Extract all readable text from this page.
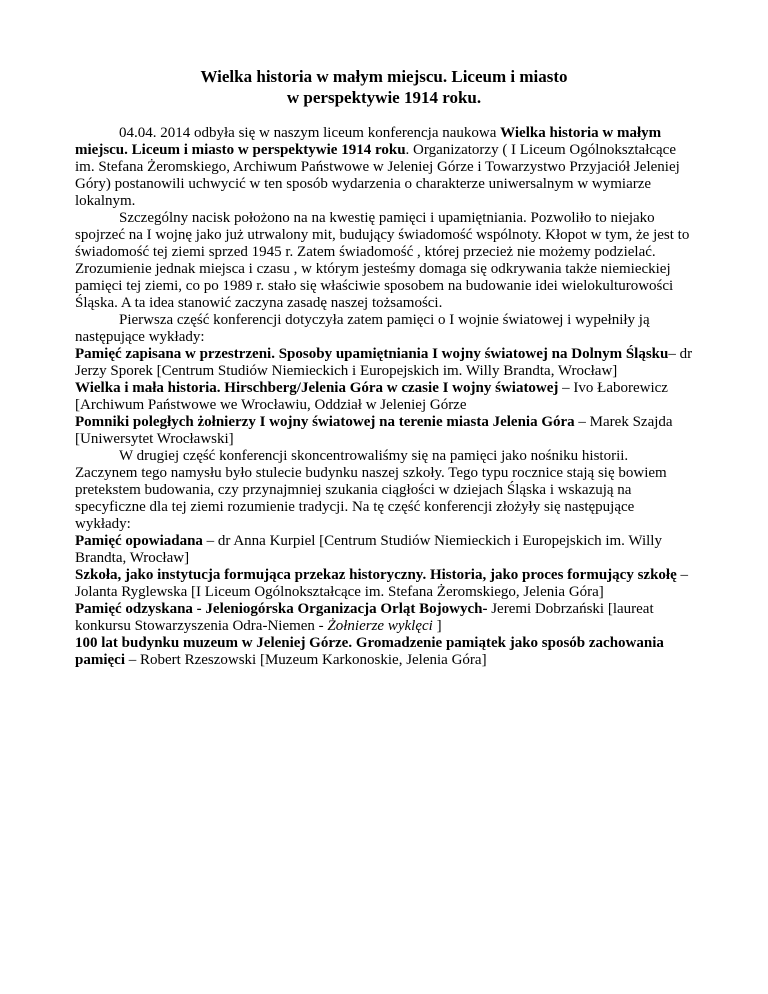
Wielka historia w małym miejscu. Liceum i miasto
w perspektywie 1914 roku.

04.04. 2014 odbyła się w naszym liceum konferencja naukowa Wielka historia w małym miejscu. Liceum i miasto w perspektywie 1914 roku. Organizatorzy ( I Liceum Ogólnokształcące im. Stefana Żeromskiego, Archiwum Państwowe w Jeleniej Górze i Towarzystwo Przyjaciół Jeleniej Góry) postanowili uchwycić w ten sposób wydarzenia o charakterze uniwersalnym w wymiarze lokalnym.

Szczególny nacisk położono na na kwestię pamięci i upamiętniania. Pozwoliło to niejako spojrzeć na I wojnę jako już utrwalony mit, budujący świadomość wspólnoty. Kłopot w tym, że jest to świadomość tej ziemi sprzed 1945 r. Zatem świadomość , której przecież nie możemy podzielać. Zrozumienie jednak miejsca i czasu , w którym jesteśmy domaga się odkrywania także niemieckiej pamięci tej ziemi, co po 1989 r. stało się właściwie sposobem na budowanie idei wielokulturowości Śląska. A ta idea stanowić zaczyna zasadę naszej tożsamości.

Pierwsza część konferencji dotyczyła zatem pamięci o I wojnie światowej i wypełniły ją następujące wykłady:

Pamięć zapisana w przestrzeni. Sposoby upamiętniania I wojny światowej na Dolnym Śląsku– dr Jerzy Sporek [Centrum Studiów Niemieckich i Europejskich im. Willy Brandta, Wrocław]

Wielka i mała historia. Hirschberg/Jelenia Góra w czasie I wojny światowej – Ivo Łaborewicz [Archiwum Państwowe we Wrocławiu, Oddział w Jeleniej Górze

Pomniki poległych żołnierzy I wojny światowej na terenie miasta Jelenia Góra – Marek Szajda [Uniwersytet Wrocławski]

W drugiej część konferencji skoncentrowaliśmy się na pamięci jako nośniku historii. Zaczynem tego namysłu było stulecie budynku naszej szkoły. Tego typu rocznice stają się bowiem pretekstem budowania, czy przynajmniej szukania ciągłości w dziejach Śląska i wskazują na specyficzne dla tej ziemi rozumienie tradycji. Na tę część konferencji złożyły się następujące wykłady:

Pamięć opowiadana – dr Anna Kurpiel [Centrum Studiów Niemieckich i Europejskich im. Willy Brandta, Wrocław]

Szkoła, jako instytucja formująca przekaz historyczny. Historia, jako proces formujący szkołę – Jolanta Ryglewska [I Liceum Ogólnokształcące im. Stefana Żeromskiego, Jelenia Góra]

Pamięć odzyskana - Jeleniogórska Organizacja Orląt Bojowych- Jeremi Dobrzański [laureat konkursu Stowarzyszenia Odra-Niemen - Żołnierze wyklęci ]

100 lat budynku muzeum w Jeleniej Górze. Gromadzenie pamiątek jako sposób zachowania pamięci – Robert Rzeszowski [Muzeum Karkonoskie, Jelenia Góra]
